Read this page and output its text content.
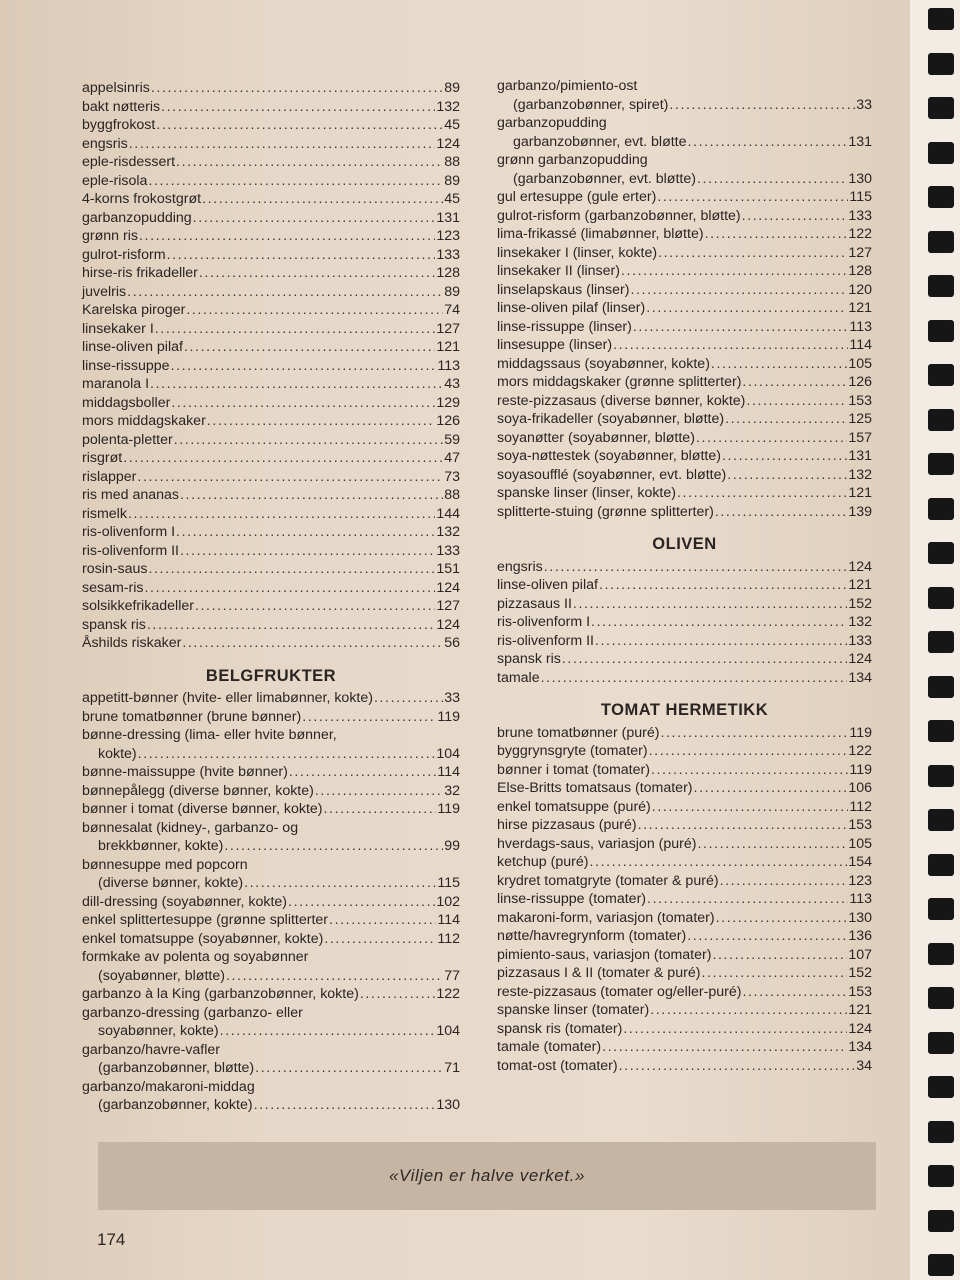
appelsinris .....	89
bakt nøtteris .....	132
byggfrokost .....	45
engsris .....	124
eple-risdessert .....	88
eple-risola .....	89
4-korns frokostgrøt .....	45
garbanzopudding .....	131
grønn ris .....	123
gulrot-risform .....	133
hirse-ris frikadeller .....	128
juvelris .....	89
Karelska piroger .....	74
linsekaker I .....	127
linse-oliven pilaf .....	121
linse-rissuppe .....	113
maranola I .....	43
middagsboller .....	129
mors middagskaker .....	126
polenta-pletter .....	59
risgrøt .....	47
rislapper .....	73
ris med ananas .....	88
rismelk .....	144
ris-olivenform I .....	132
ris-olivenform II .....	133
rosin-saus .....	151
sesam-ris .....	124
solsikkefrikadeller .....	127
spansk ris .....	124
Åshilds riskaker .....	56
BELGFRUKTER
appetitt-bønner (hvite- eller limabønner, kokte) .....	33
brune tomatbønner (brune bønner) .....	119
bønne-dressing (lima- eller hvite bønner,
kokte) .....	104
bønne-maissuppe (hvite bønner) .....	114
bønnepålegg (diverse bønner, kokte) .....	32
bønner i tomat (diverse bønner, kokte) .....	119
bønnesalat (kidney-, garbanzo- og
brekkbønner, kokte) .....	99
bønnesuppe med popcorn
(diverse bønner, kokte) .....	115
dill-dressing (soyabønner, kokte) .....	102
enkel splittertesuppe (grønne splitterter .....	114
enkel tomatsuppe (soyabønner, kokte) .....	112
formkake av polenta og soyabønner
(soyabønner, bløtte) .....	77
garbanzo à la King (garbanzobønner, kokte) .....	122
garbanzo-dressing (garbanzo- eller
soyabønner, kokte) .....	104
garbanzo/havre-vafler
(garbanzobønner, bløtte) .....	71
garbanzo/makaroni-middag
(garbanzobønner, kokte) .....	130
garbanzo/pimiento-ost
(garbanzobønner, spiret) .....	33
garbanzopudding
garbanzobønner, evt. bløtte .....	131
grønn garbanzopudding
(garbanzobønner, evt. bløtte) .....	130
gul ertesuppe (gule erter) .....	115
gulrot-risform (garbanzobønner, bløtte) .....	133
lima-frikassé (limabønner, bløtte) .....	122
linsekaker I (linser, kokte) .....	127
linsekaker II (linser) .....	128
linselapskaus (linser) .....	120
linse-oliven pilaf (linser) .....	121
linse-rissuppe (linser) .....	113
linsesuppe (linser) .....	114
middagssaus (soyabønner, kokte) .....	105
mors middagskaker (grønne splitterter) .....	126
reste-pizzasaus (diverse bønner, kokte) .....	153
soya-frikadeller (soyabønner, bløtte) .....	125
soyanøtter (soyabønner, bløtte) .....	157
soya-nøttestek (soyabønner, bløtte) .....	131
soyasoufflé (soyabønner, evt. bløtte) .....	132
spanske linser (linser, kokte) .....	121
splitterte-stuing (grønne splitterter) .....	139
OLIVEN
engsris .....	124
linse-oliven pilaf .....	121
pizzasaus II .....	152
ris-olivenform I .....	132
ris-olivenform II .....	133
spansk ris .....	124
tamale .....	134
TOMAT HERMETIKK
brune tomatbønner (puré) .....	119
byggrynsgryte (tomater) .....	122
bønner i tomat (tomater) .....	119
Else-Britts tomatsaus (tomater) .....	106
enkel tomatsuppe (puré) .....	112
hirse pizzasaus (puré) .....	153
hverdags-saus, variasjon (puré) .....	105
ketchup (puré) .....	154
krydret tomatgryte (tomater & puré) .....	123
linse-rissuppe (tomater) .....	113
makaroni-form, variasjon (tomater) .....	130
nøtte/havregrynform (tomater) .....	136
pimiento-saus, variasjon (tomater) .....	107
pizzasaus I & II (tomater & puré) .....	152
reste-pizzasaus (tomater og/eller-puré) .....	153
spanske linser (tomater) .....	121
spansk ris (tomater) .....	124
tamale (tomater) .....	134
tomat-ost (tomater) .....	34
«Viljen er halve verket.»
174
